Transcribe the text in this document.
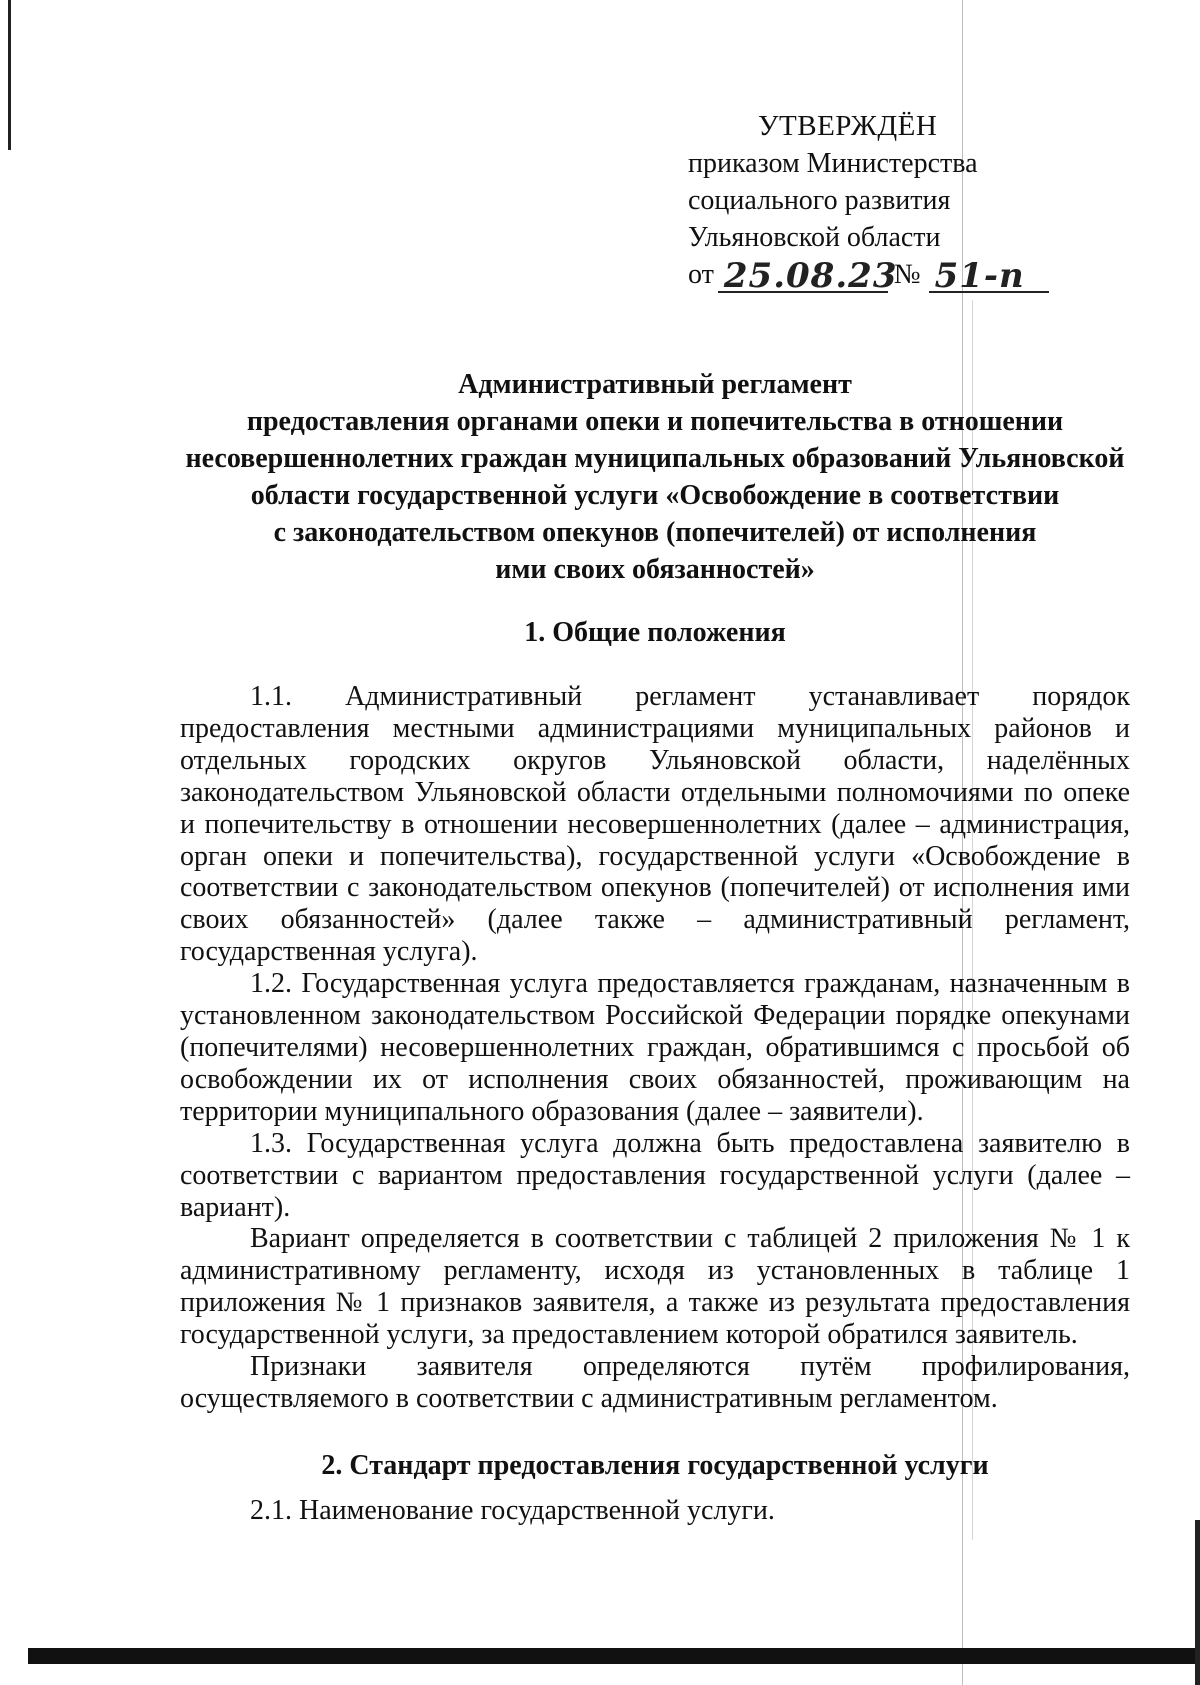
УТВЕРЖДЁН
приказом Министерства
социального развития
Ульяновской области
от 25.08.23
№ 51-п
Административный регламент
предоставления органами опеки и попечительства в отношении
несовершеннолетних граждан муниципальных образований Ульяновской
области государственной услуги «Освобождение в соответствии
с законодательством опекунов (попечителей) от исполнения
ими своих обязанностей»
1. Общие положения

1.1. Административный регламент устанавливает порядок предоставления местными администрациями муниципальных районов и отдельных городских округов Ульяновской области, наделённых законодательством Ульяновской области отдельными полномочиями по опеке и попечительству в отношении несовершеннолетних (далее – администрация, орган опеки и попечительства), государственной услуги «Освобождение в соответствии с законодательством опекунов (попечителей) от исполнения ими своих обязанностей» (далее также – административный регламент, государственная услуга).

1.2. Государственная услуга предоставляется гражданам, назначенным в установленном законодательством Российской Федерации порядке опекунами (попечителями) несовершеннолетних граждан, обратившимся с просьбой об освобождении их от исполнения своих обязанностей, проживающим на территории муниципального образования (далее – заявители).

1.3. Государственная услуга должна быть предоставлена заявителю в соответствии с вариантом предоставления государственной услуги (далее – вариант).

Вариант определяется в соответствии с таблицей 2 приложения № 1 к административному регламенту, исходя из установленных в таблице 1 приложения № 1 признаков заявителя, а также из результата предоставления государственной услуги, за предоставлением которой обратился заявитель.

Признаки заявителя определяются путём профилирования, осуществляемого в соответствии с административным регламентом.

2. Стандарт предоставления государственной услуги

2.1. Наименование государственной услуги.
